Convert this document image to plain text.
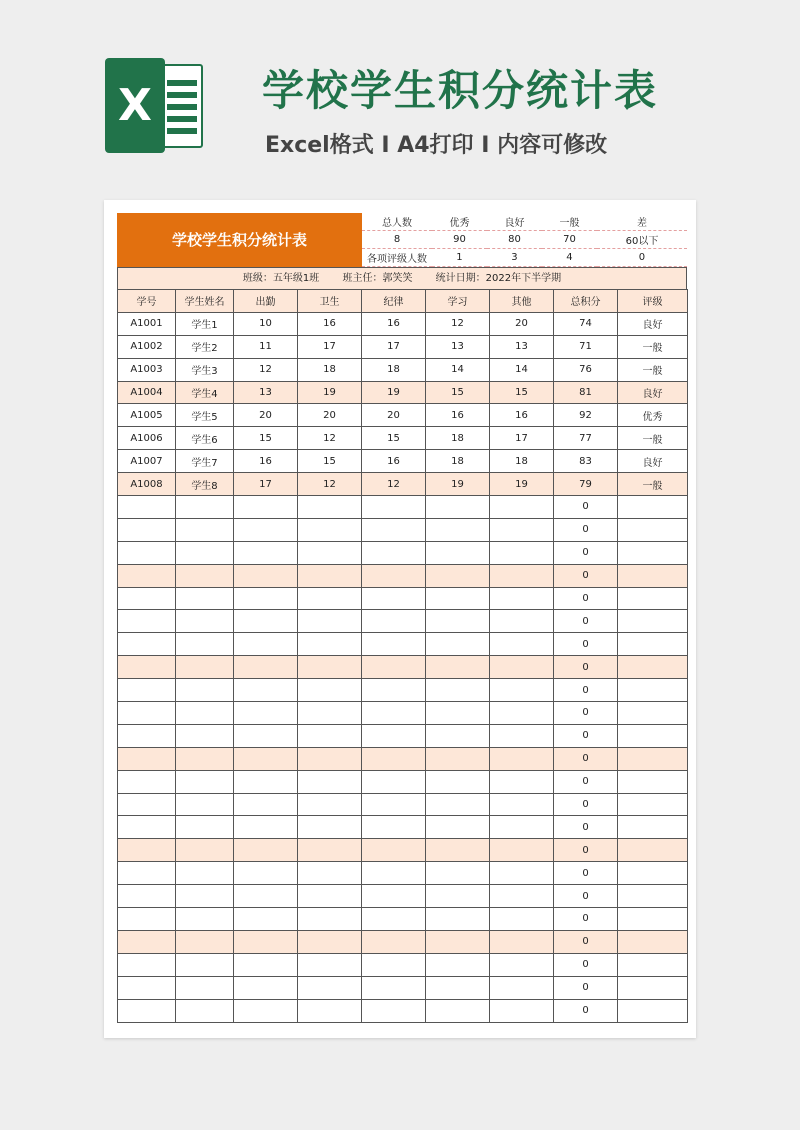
X	学校学生积分统计表
Excel格式 I A4打印 I 内容可修改
学校学生积分统计表
总人数	优秀	良好	一般	差
8	90	80	70	60以下
各项评级人数	1	3	4	0
班级：五年级1班 班主任：郭笑笑 统计日期：2022年下半学期
学号	学生姓名	出勤	卫生	纪律	学习	其他	总积分	评级
A1001	学生1	10	16	16	12	20	74	良好
A1002	学生2	11	17	17	13	13	71	一般
A1003	学生3	12	18	18	14	14	76	一般
A1004	学生4	13	19	19	15	15	81	良好
A1005	学生5	20	20	20	16	16	92	优秀
A1006	学生6	15	12	15	18	17	77	一般
A1007	学生7	16	15	16	18	18	83	良好
A1008	学生8	17	12	12	19	19	79	一般
							0	
							0	
							0	
							0	
							0	
							0	
							0	
							0	
							0	
							0	
							0	
							0	
							0	
							0	
							0	
							0	
							0	
							0	
							0	
							0	
							0	
							0	
							0	
